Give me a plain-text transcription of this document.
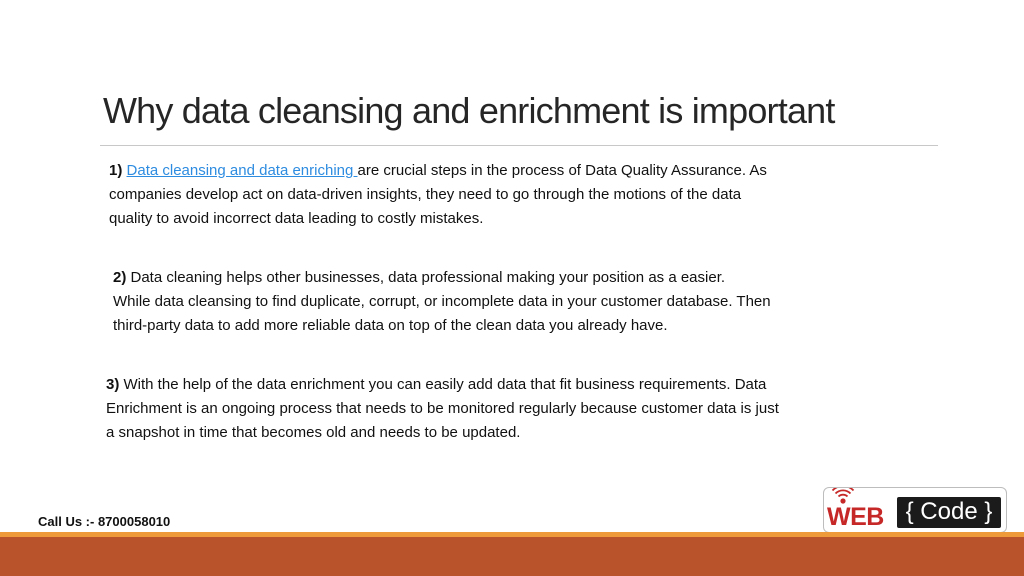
Why data cleansing and enrichment is important

1) Data cleansing and data enriching are crucial steps in the process of Data Quality Assurance. As
companies develop act on data-driven insights, they need to go through the motions of the data
quality to avoid incorrect data leading to costly mistakes.

2) Data cleaning helps other businesses, data professional making your position as a easier.
While data cleansing to find duplicate, corrupt, or incomplete data in your customer database. Then
third-party data to add more reliable data on top of the clean data you already have.

3) With the help of the data enrichment you can easily add data that fit business requirements. Data
Enrichment is an ongoing process that needs to be monitored regularly because customer data is just
a snapshot in time that becomes old and needs to be updated.

Call Us :- 8700058010	WEB { Code }
